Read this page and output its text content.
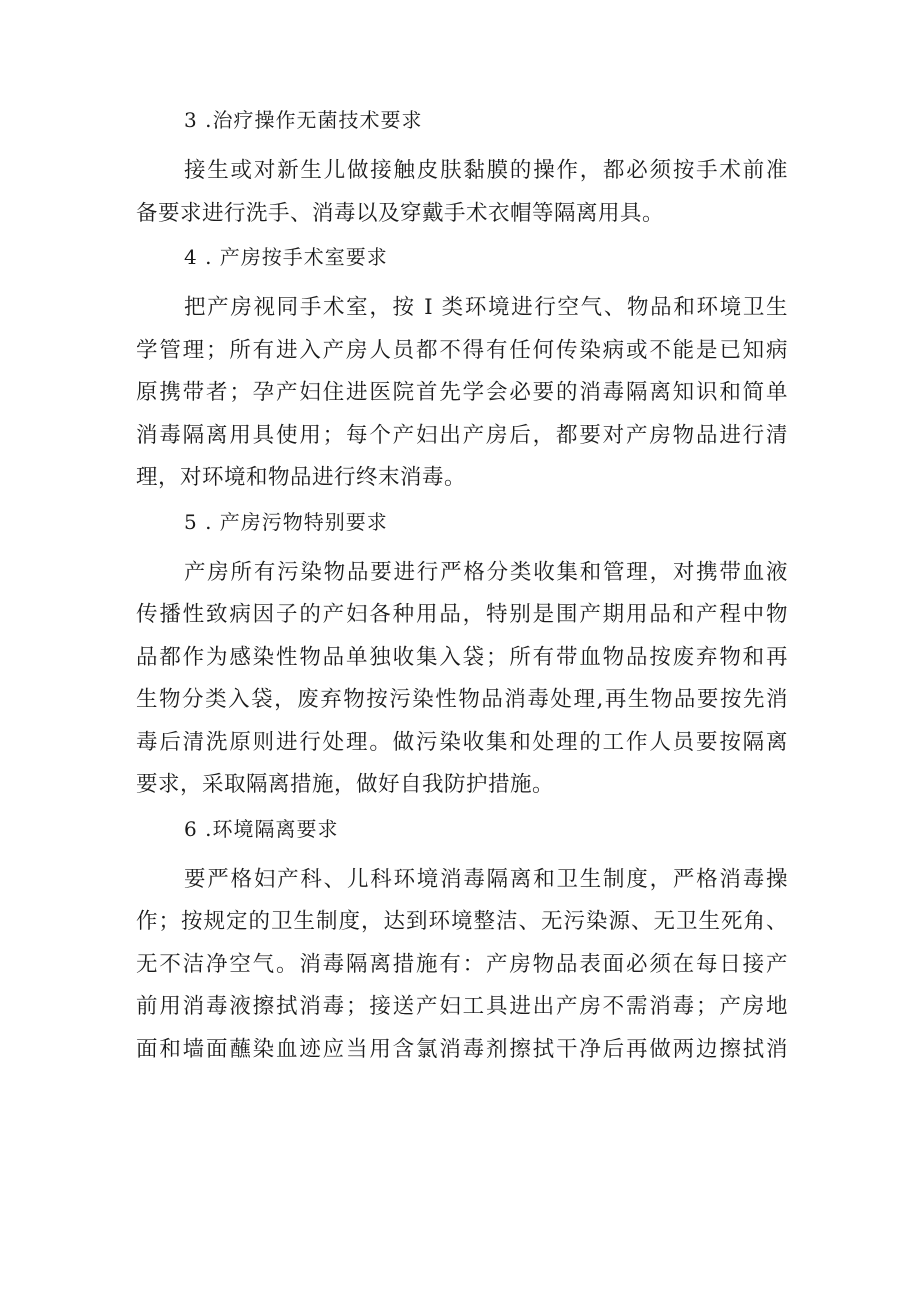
3 .治疗操作无菌技术要求

接生或对新生儿做接触皮肤黏膜的操作，都必须按手术前准
备要求进行洗手、消毒以及穿戴手术衣帽等隔离用具。

4 . 产房按手术室要求

把产房视同手术室，按 I 类环境进行空气、物品和环境卫生
学管理；所有进入产房人员都不得有任何传染病或不能是已知病
原携带者；孕产妇住进医院首先学会必要的消毒隔离知识和简单
消毒隔离用具使用；每个产妇出产房后，都要对产房物品进行清
理，对环境和物品进行终末消毒。

5 . 产房污物特别要求

产房所有污染物品要进行严格分类收集和管理，对携带血液
传播性致病因子的产妇各种用品，特别是围产期用品和产程中物
品都作为感染性物品单独收集入袋；所有带血物品按废弃物和再
生物分类入袋，废弃物按污染性物品消毒处理,再生物品要按先消
毒后清洗原则进行处理。做污染收集和处理的工作人员要按隔离
要求，采取隔离措施，做好自我防护措施。

6 .环境隔离要求

要严格妇产科、儿科环境消毒隔离和卫生制度，严格消毒操
作；按规定的卫生制度，达到环境整洁、无污染源、无卫生死角、
无不洁净空气。消毒隔离措施有：产房物品表面必须在每日接产
前用消毒液擦拭消毒；接送产妇工具进出产房不需消毒；产房地
面和墙面蘸染血迹应当用含氯消毒剂擦拭干净后再做两边擦拭消
